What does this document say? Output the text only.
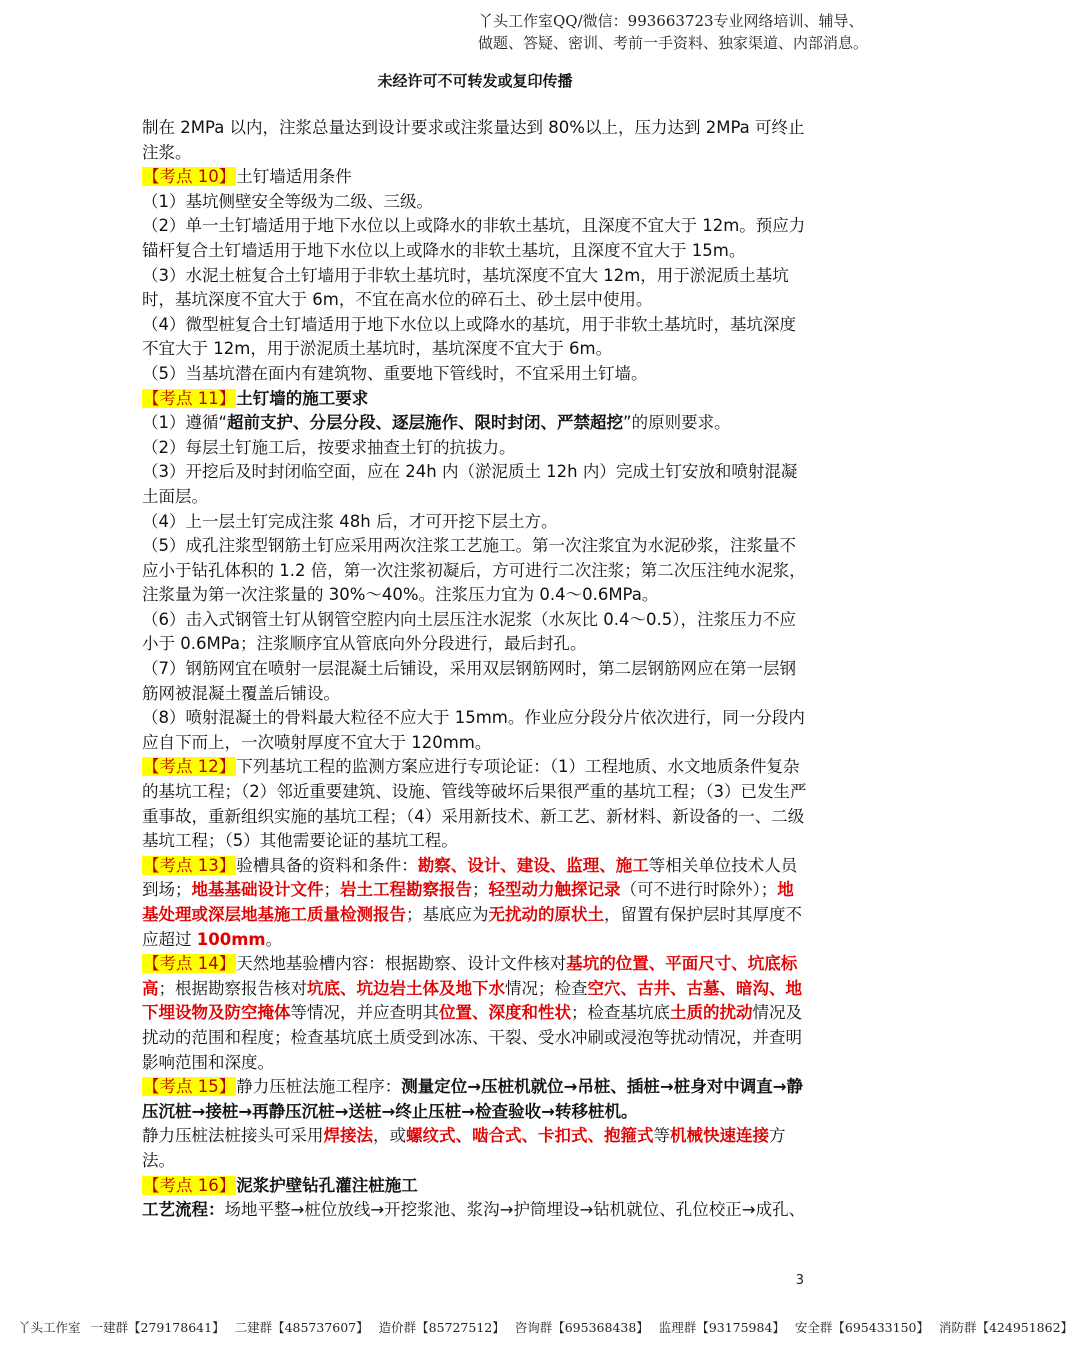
丫头工作室QQ/微信：993663723专业网络培训、辅导、
做题、答疑、密训、考前一手资料、独家渠道、内部消息。
未经许可不可转发或复印传播

制在 2MPa 以内，注浆总量达到设计要求或注浆量达到 80%以上，压力达到 2MPa 可终止注浆。

【考点 10】土钉墙适用条件

（1）基坑侧壁安全等级为二级、三级。

（2）单一土钉墙适用于地下水位以上或降水的非软土基坑，且深度不宜大于 12m。预应力锚杆复合土钉墙适用于地下水位以上或降水的非软土基坑，且深度不宜大于 15m。

（3）水泥土桩复合土钉墙用于非软土基坑时，基坑深度不宜大 12m，用于淤泥质土基坑时，基坑深度不宜大于 6m，不宜在高水位的碎石土、砂土层中使用。

（4）微型桩复合土钉墙适用于地下水位以上或降水的基坑，用于非软土基坑时，基坑深度不宜大于 12m，用于淤泥质土基坑时，基坑深度不宜大于 6m。

（5）当基坑潜在面内有建筑物、重要地下管线时，不宜采用土钉墙。

【考点 11】土钉墙的施工要求

（1）遵循“超前支护、分层分段、逐层施作、限时封闭、严禁超挖”的原则要求。

（2）每层土钉施工后，按要求抽查土钉的抗拔力。

（3）开挖后及时封闭临空面，应在 24h 内（淤泥质土 12h 内）完成土钉安放和喷射混凝土面层。

（4）上一层土钉完成注浆 48h 后，才可开挖下层土方。

（5）成孔注浆型钢筋土钉应采用两次注浆工艺施工。第一次注浆宜为水泥砂浆，注浆量不应小于钻孔体积的 1.2 倍，第一次注浆初凝后，方可进行二次注浆；第二次压注纯水泥浆，注浆量为第一次注浆量的 30%～40%。注浆压力宜为 0.4～0.6MPa。

（6）击入式钢管土钉从钢管空腔内向土层压注水泥浆（水灰比 0.4～0.5），注浆压力不应小于 0.6MPa；注浆顺序宜从管底向外分段进行，最后封孔。

（7）钢筋网宜在喷射一层混凝土后铺设，采用双层钢筋网时，第二层钢筋网应在第一层钢筋网被混凝土覆盖后铺设。

（8）喷射混凝土的骨料最大粒径不应大于 15mm。作业应分段分片依次进行，同一分段内应自下而上，一次喷射厚度不宜大于 120mm。

【考点 12】下列基坑工程的监测方案应进行专项论证：（1）工程地质、水文地质条件复杂的基坑工程；（2）邻近重要建筑、设施、管线等破坏后果很严重的基坑工程；（3）已发生严重事故，重新组织实施的基坑工程；（4）采用新技术、新工艺、新材料、新设备的一、二级基坑工程；（5）其他需要论证的基坑工程。

【考点 13】验槽具备的资料和条件：勘察、设计、建设、监理、施工等相关单位技术人员到场；地基基础设计文件；岩土工程勘察报告；轻型动力触探记录（可不进行时除外）；地基处理或深层地基施工质量检测报告；基底应为无扰动的原状土，留置有保护层时其厚度不应超过 100mm。

【考点 14】天然地基验槽内容：根据勘察、设计文件核对基坑的位置、平面尺寸、坑底标高；根据勘察报告核对坑底、坑边岩土体及地下水情况；检查空穴、古井、古墓、暗沟、地下埋设物及防空掩体等情况，并应查明其位置、深度和性状；检查基坑底土质的扰动情况及扰动的范围和程度；检查基坑底土质受到冰冻、干裂、受水冲刷或浸泡等扰动情况，并查明影响范围和深度。

【考点 15】静力压桩法施工程序：测量定位→压桩机就位→吊桩、插桩→桩身对中调直→静压沉桩→接桩→再静压沉桩→送桩→终止压桩→检查验收→转移桩机。

静力压桩法桩接头可采用焊接法，或螺纹式、啮合式、卡扣式、抱箍式等机械快速连接方法。

【考点 16】泥浆护壁钻孔灌注桩施工

工艺流程：场地平整→桩位放线→开挖浆池、浆沟→护筒埋设→钻机就位、孔位校正→成孔、

3
丫头工作室 一建群【279178641】 二建群【485737607】 造价群【85727512】 咨询群【695368438】 监理群【93175984】 安全群【695433150】 消防群【424951862】
